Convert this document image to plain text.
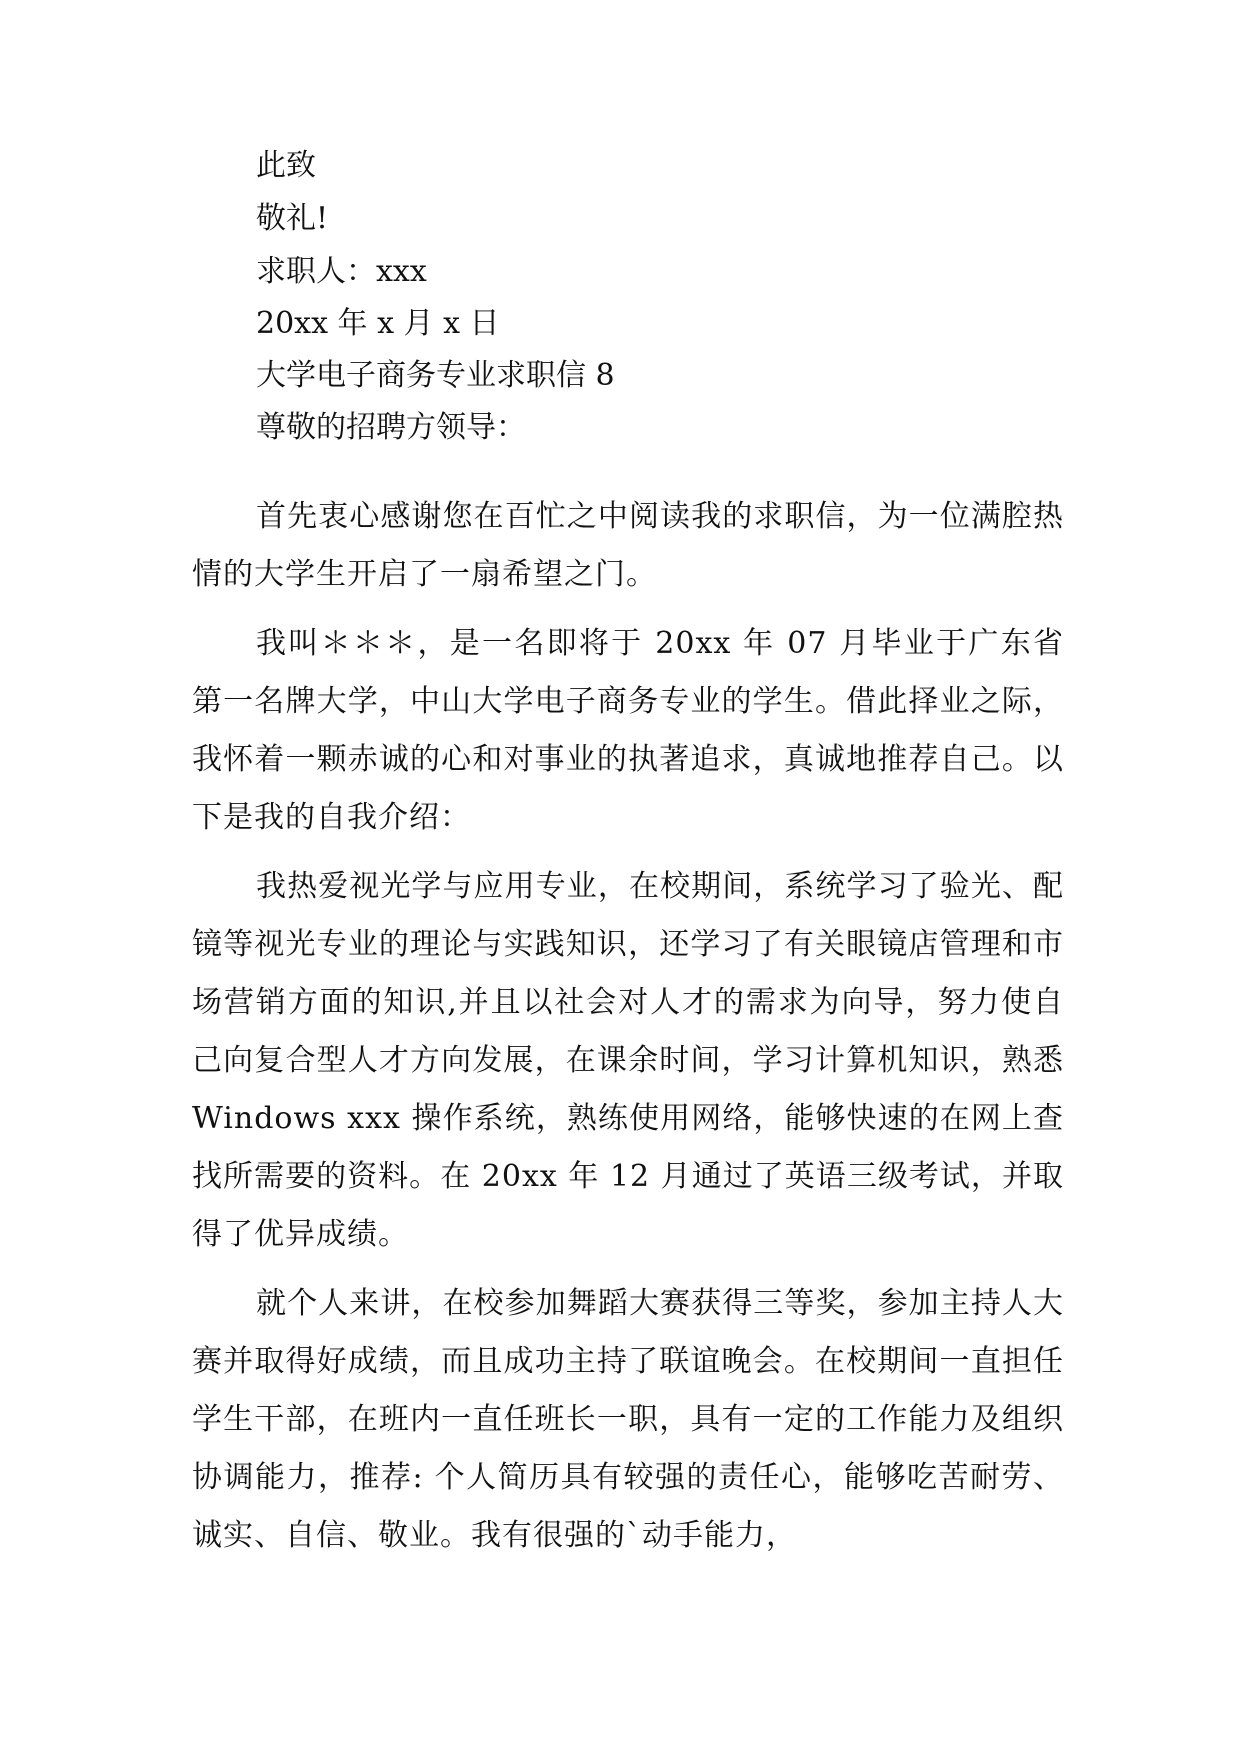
此致

敬礼!

求职人：xxx

20xx 年 x 月 x 日

大学电子商务专业求职信 8

尊敬的招聘方领导：

首先衷心感谢您在百忙之中阅读我的求职信，为一位满腔热情的大学生开启了一扇希望之门。

我叫＊＊＊，是一名即将于 20xx 年 07 月毕业于广东省第一名牌大学，中山大学电子商务专业的学生。借此择业之际，我怀着一颗赤诚的心和对事业的执著追求，真诚地推荐自己。以下是我的自我介绍：

我热爱视光学与应用专业，在校期间，系统学习了验光、配镜等视光专业的理论与实践知识，还学习了有关眼镜店管理和市场营销方面的知识,并且以社会对人才的需求为向导，努力使自己向复合型人才方向发展，在课余时间，学习计算机知识，熟悉 Windows xxx 操作系统，熟练使用网络，能够快速的在网上查找所需要的资料。在 20xx 年 12 月通过了英语三级考试，并取得了优异成绩。

就个人来讲，在校参加舞蹈大赛获得三等奖，参加主持人大赛并取得好成绩，而且成功主持了联谊晚会。在校期间一直担任学生干部，在班内一直任班长一职，具有一定的工作能力及组织协调能力，推荐: 个人简历具有较强的责任心，能够吃苦耐劳、诚实、自信、敬业。我有很强的`动手能力，
